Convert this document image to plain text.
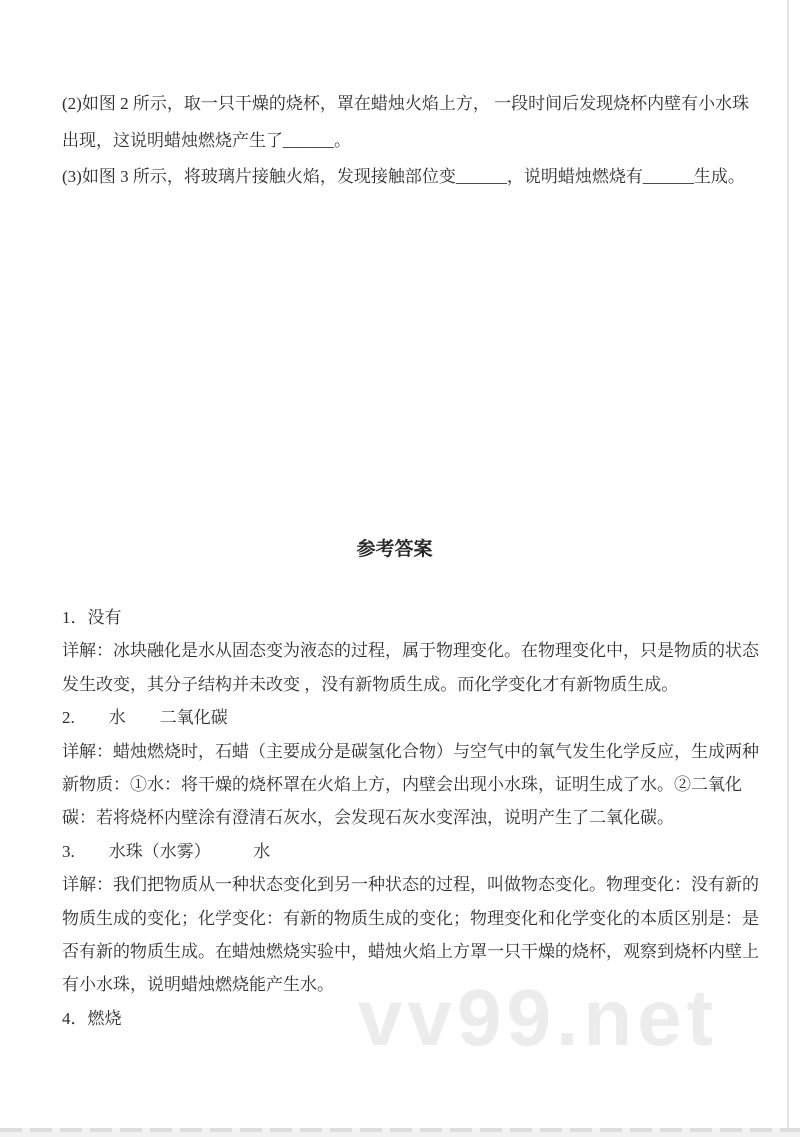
(2)如图 2 所示，取一只干燥的烧杯，罩在蜡烛火焰上方， 一段时间后发现烧杯内壁有小水珠
出现，这说明蜡烛燃烧产生了______。
(3)如图 3 所示，将玻璃片接触火焰，发现接触部位变______，说明蜡烛燃烧有______生成。
参考答案
1．没有
详解：冰块融化是水从固态变为液态的过程，属于物理变化。在物理变化中，只是物质的状态
发生改变，其分子结构并未改变 ，没有新物质生成。而化学变化才有新物质生成。
2.　　水　　二氧化碳
详解：蜡烛燃烧时，石蜡（主要成分是碳氢化合物）与空气中的氧气发生化学反应，生成两种
新物质：①水：将干燥的烧杯罩在火焰上方，内壁会出现小水珠，证明生成了水。②二氧化
碳：若将烧杯内壁涂有澄清石灰水，会发现石灰水变浑浊，说明产生了二氧化碳。
3.　　水珠（水雾）　　　水
详解：我们把物质从一种状态变化到另一种状态的过程，叫做物态变化。物理变化：没有新的
物质生成的变化；化学变化：有新的物质生成的变化；物理变化和化学变化的本质区别是：是
否有新的物质生成。在蜡烛燃烧实验中，蜡烛火焰上方罩一只干燥的烧杯，观察到烧杯内壁上
有小水珠，说明蜡烛燃烧能产生水。
4．燃烧	vv99.net
